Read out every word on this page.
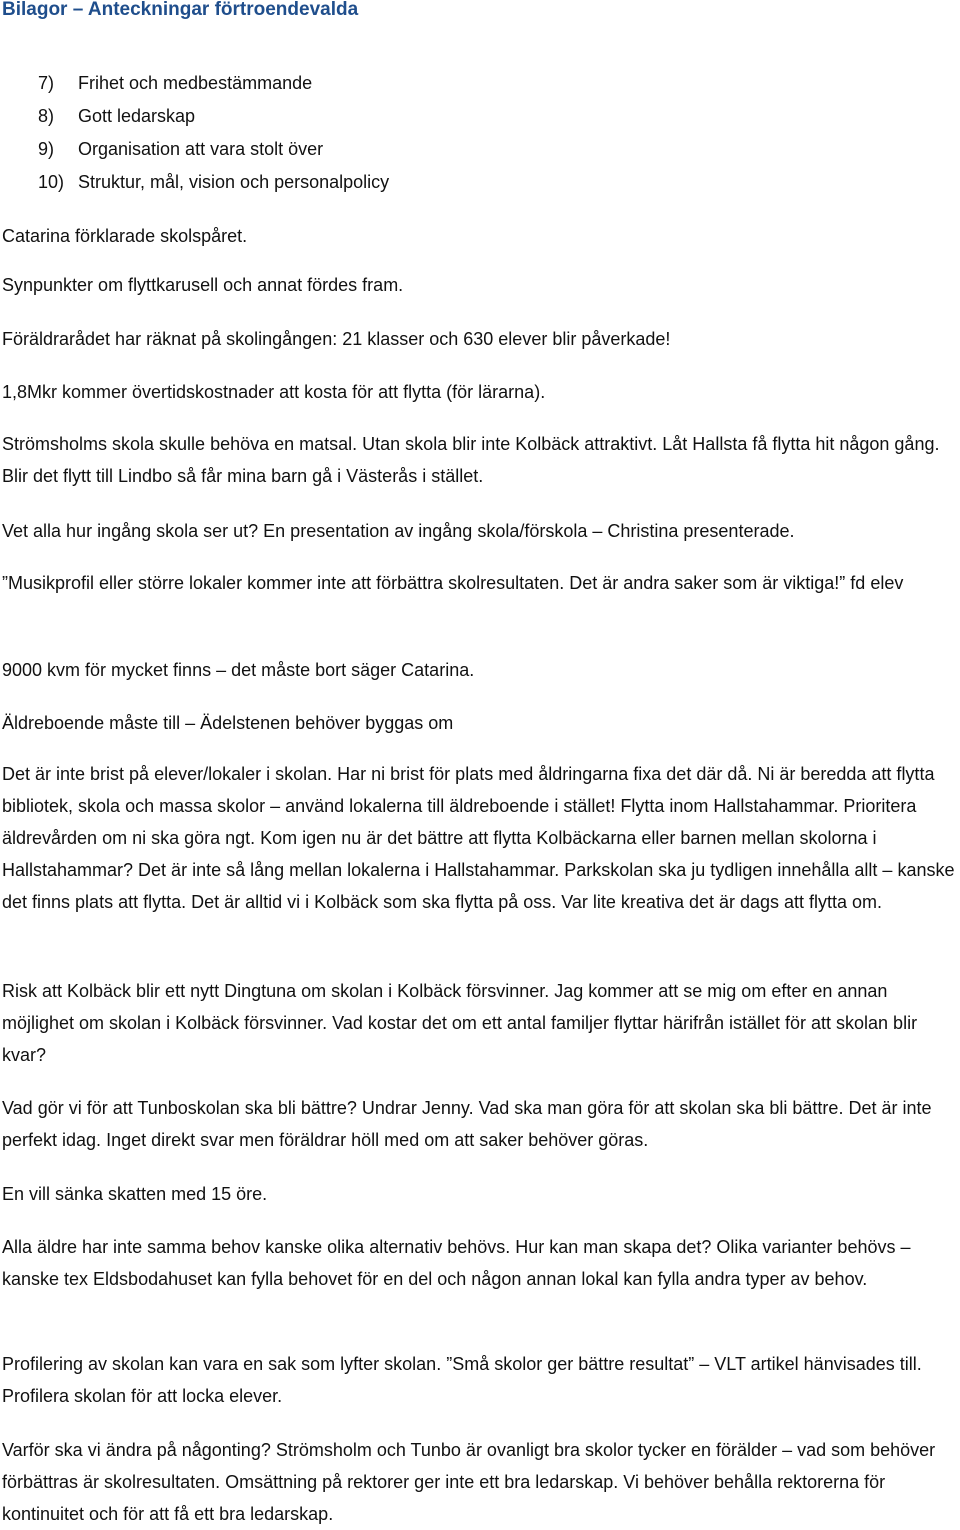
Bilagor – Anteckningar förtroendevalda
7) Frihet och medbestämmande
8) Gott ledarskap
9) Organisation att vara stolt över
10) Struktur, mål, vision och personalpolicy

Catarina förklarade skolspåret.

Synpunkter om flyttkarusell och annat fördes fram.

Föräldrarådet har räknat på skolingången: 21 klasser och 630 elever blir påverkade!

1,8Mkr kommer övertidskostnader att kosta för att flytta (för lärarna).

Strömsholms skola skulle behöva en matsal. Utan skola blir inte Kolbäck attraktivt. Låt Hallsta få flytta hit någon gång. Blir det flytt till Lindbo så får mina barn gå i Västerås i stället.

Vet alla hur ingång skola ser ut? En presentation av ingång skola/förskola – Christina presenterade.

”Musikprofil eller större lokaler kommer inte att förbättra skolresultaten. Det är andra saker som är viktiga!” fd elev

9000 kvm för mycket finns – det måste bort säger Catarina.

Äldreboende måste till – Ädelstenen behöver byggas om

Det är inte brist på elever/lokaler i skolan. Har ni brist för plats med åldringarna fixa det där då. Ni är beredda att flytta bibliotek, skola och massa skolor – använd lokalerna till äldreboende i stället! Flytta inom Hallstahammar. Prioritera äldrevården om ni ska göra ngt. Kom igen nu är det bättre att flytta Kolbäckarna eller barnen mellan skolorna i Hallstahammar? Det är inte så lång mellan lokalerna i Hallstahammar. Parkskolan ska ju tydligen innehålla allt – kanske det finns plats att flytta. Det är alltid vi i Kolbäck som ska flytta på oss. Var lite kreativa det är dags att flytta om.

Risk att Kolbäck blir ett nytt Dingtuna om skolan i Kolbäck försvinner. Jag kommer att se mig om efter en annan möjlighet om skolan i Kolbäck försvinner. Vad kostar det om ett antal familjer flyttar härifrån istället för att skolan blir kvar?

Vad gör vi för att Tunboskolan ska bli bättre? Undrar Jenny. Vad ska man göra för att skolan ska bli bättre. Det är inte perfekt idag. Inget direkt svar men föräldrar höll med om att saker behöver göras.

En vill sänka skatten med 15 öre.

Alla äldre har inte samma behov kanske olika alternativ behövs. Hur kan man skapa det? Olika varianter behövs – kanske tex Eldsbodahuset kan fylla behovet för en del och någon annan lokal kan fylla andra typer av behov.

Profilering av skolan kan vara en sak som lyfter skolan. ”Små skolor ger bättre resultat” – VLT artikel hänvisades till. Profilera skolan för att locka elever.

Varför ska vi ändra på någonting? Strömsholm och Tunbo är ovanligt bra skolor tycker en förälder – vad som behöver förbättras är skolresultaten. Omsättning på rektorer ger inte ett bra ledarskap. Vi behöver behålla rektorerna för kontinuitet och för att få ett bra ledarskap.
